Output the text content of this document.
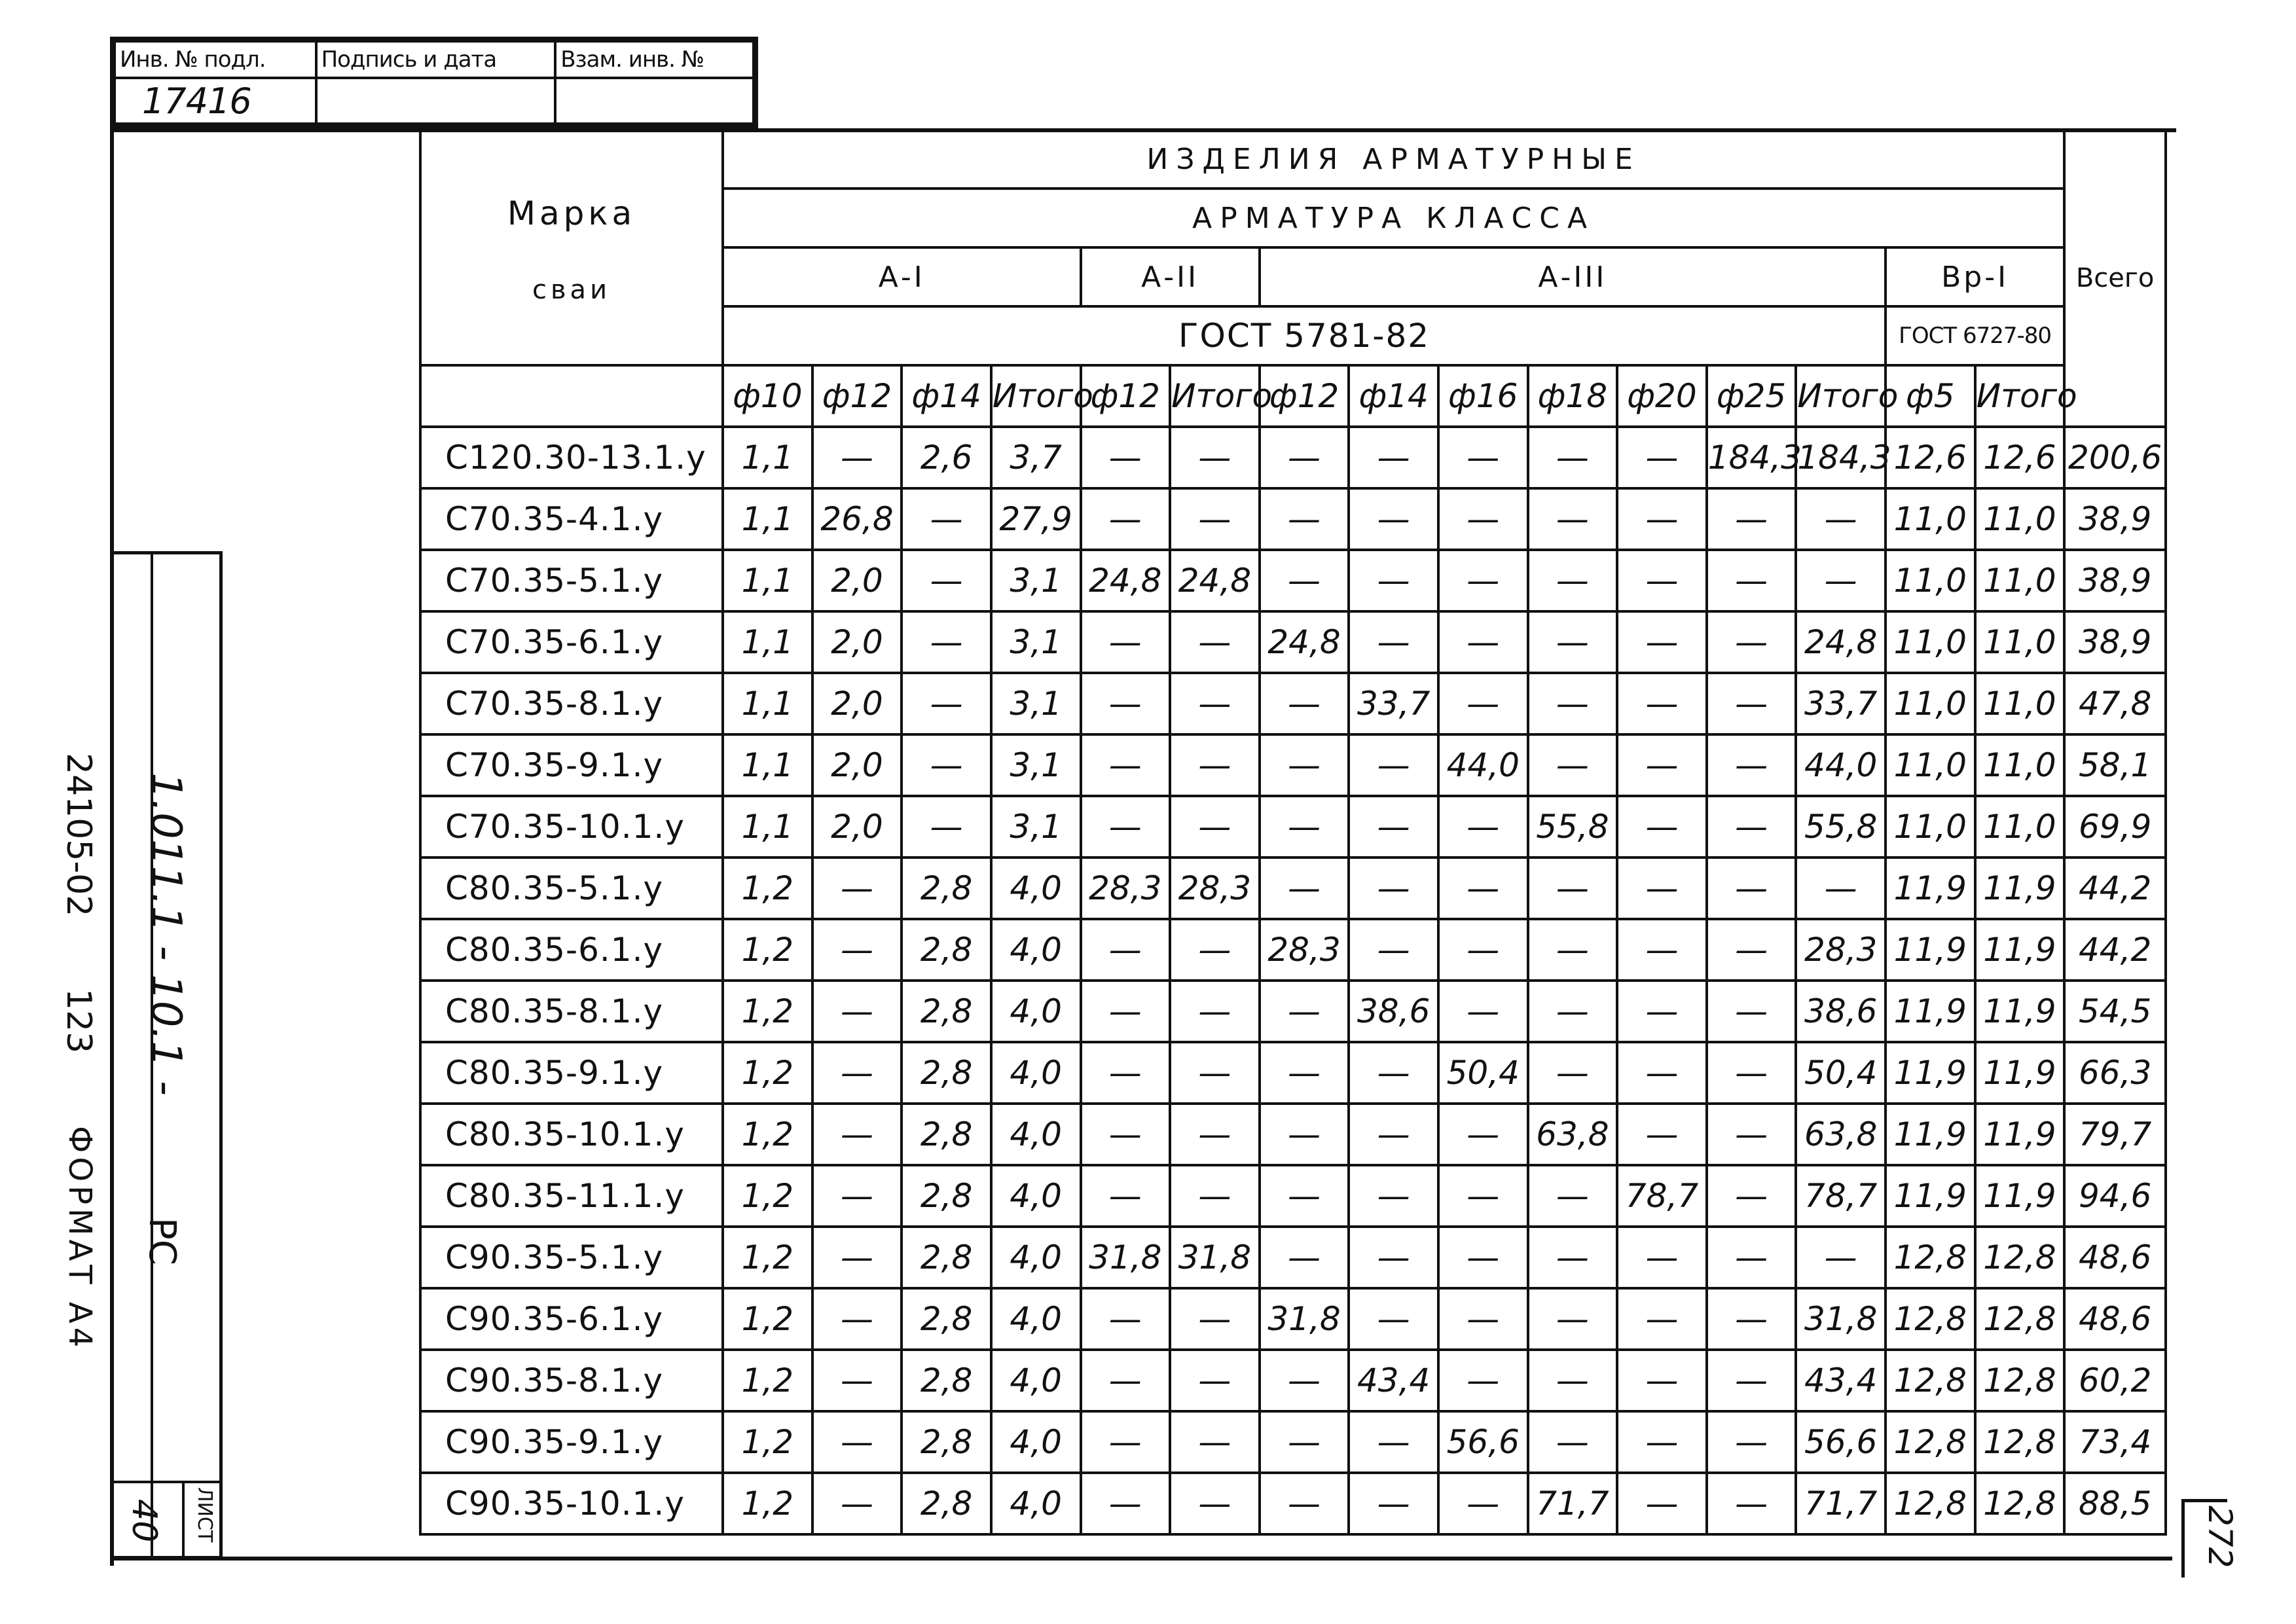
Инв. № подл.	Подпись и дата	Взам. инв. №
17416		
1.011.1 - 10.1 -
РС
24105-02
123
ФОРМАТ А4
ЛИСТ
40	272
Марка
сваи	ИЗДЕЛИЯ АРМАТУРНЫЕ															Всего
	АРМАТУРА КЛАССА															
	А-I				А-II		А-III							Вр-I		
	ГОСТ 5781-82													ГОСТ 6727-80		
	ф10	ф12	ф14	Итого	ф12	Итого	ф12	ф14	ф16	ф18	ф20	ф25	Итого	ф5	Итого	
С120.30-13.1.у	1,1	—	2,6	3,7	—	—	—	—	—	—	—	184,3	184,3	12,6	12,6	200,6
С70.35-4.1.у	1,1	26,8	—	27,9	—	—	—	—	—	—	—	—	—	11,0	11,0	38,9
С70.35-5.1.у	1,1	2,0	—	3,1	24,8	24,8	—	—	—	—	—	—	—	11,0	11,0	38,9
С70.35-6.1.у	1,1	2,0	—	3,1	—	—	24,8	—	—	—	—	—	24,8	11,0	11,0	38,9
С70.35-8.1.у	1,1	2,0	—	3,1	—	—	—	33,7	—	—	—	—	33,7	11,0	11,0	47,8
С70.35-9.1.у	1,1	2,0	—	3,1	—	—	—	—	44,0	—	—	—	44,0	11,0	11,0	58,1
С70.35-10.1.у	1,1	2,0	—	3,1	—	—	—	—	—	55,8	—	—	55,8	11,0	11,0	69,9
С80.35-5.1.у	1,2	—	2,8	4,0	28,3	28,3	—	—	—	—	—	—	—	11,9	11,9	44,2
С80.35-6.1.у	1,2	—	2,8	4,0	—	—	28,3	—	—	—	—	—	28,3	11,9	11,9	44,2
С80.35-8.1.у	1,2	—	2,8	4,0	—	—	—	38,6	—	—	—	—	38,6	11,9	11,9	54,5
С80.35-9.1.у	1,2	—	2,8	4,0	—	—	—	—	50,4	—	—	—	50,4	11,9	11,9	66,3
С80.35-10.1.у	1,2	—	2,8	4,0	—	—	—	—	—	63,8	—	—	63,8	11,9	11,9	79,7
С80.35-11.1.у	1,2	—	2,8	4,0	—	—	—	—	—	—	78,7	—	78,7	11,9	11,9	94,6
С90.35-5.1.у	1,2	—	2,8	4,0	31,8	31,8	—	—	—	—	—	—	—	12,8	12,8	48,6
С90.35-6.1.у	1,2	—	2,8	4,0	—	—	31,8	—	—	—	—	—	31,8	12,8	12,8	48,6
С90.35-8.1.у	1,2	—	2,8	4,0	—	—	—	43,4	—	—	—	—	43,4	12,8	12,8	60,2
С90.35-9.1.у	1,2	—	2,8	4,0	—	—	—	—	56,6	—	—	—	56,6	12,8	12,8	73,4
С90.35-10.1.у	1,2	—	2,8	4,0	—	—	—	—	—	71,7	—	—	71,7	12,8	12,8	88,5
